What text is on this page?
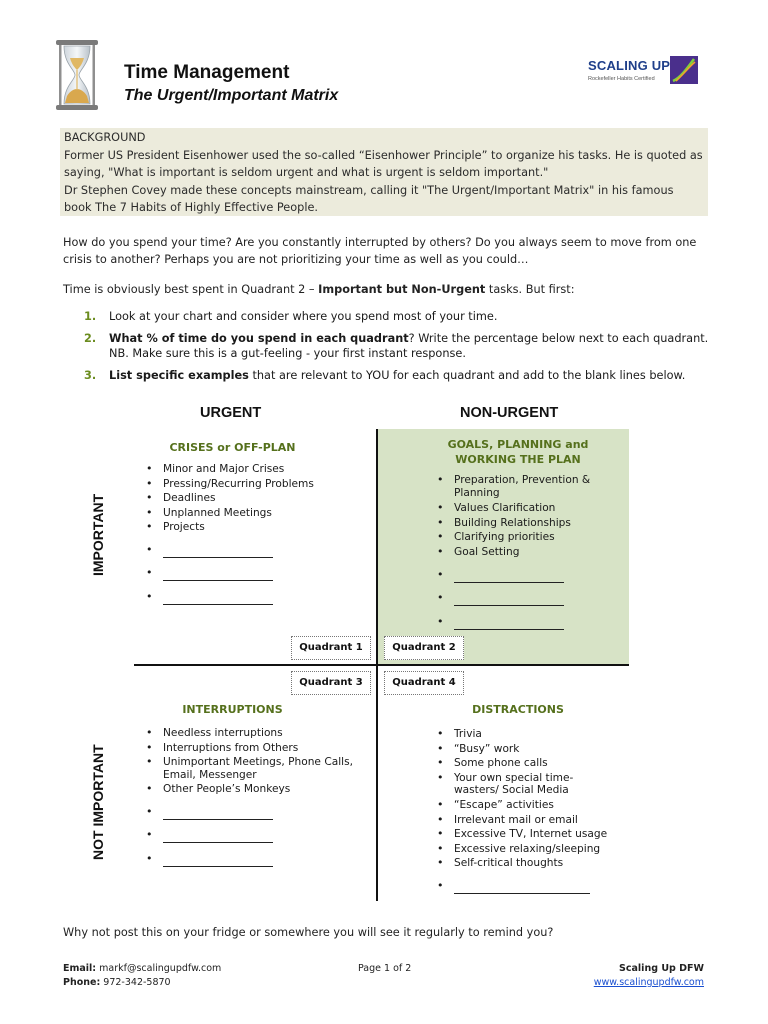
Time Management
The Urgent/Important Matrix
SCALING UP
Rockefeller Habits Certified

BACKGROUND

Former US President Eisenhower used the so-called “Eisenhower Principle” to organize his tasks. He is quoted as saying, "What is important is seldom urgent and what is urgent is seldom important."

Dr Stephen Covey made these concepts mainstream, calling it "The Urgent/Important Matrix" in his famous book The 7 Habits of Highly Effective People.

How do you spend your time? Are you constantly interrupted by others? Do you always seem to move from one crisis to another? Perhaps you are not prioritizing your time as well as you could…
Time is obviously best spent in Quadrant 2 – Important but Non-Urgent tasks. But first:
1. Look at your chart and consider where you spend most of your time.
2. What % of time do you spend in each quadrant? Write the percentage below next to each quadrant.
NB. Make sure this is a gut-feeling - your first instant response.
3. List specific examples that are relevant to YOU for each quadrant and add to the blank lines below.
URGENT	NON-URGENT
IMPORTANT
NOT IMPORTANT
CRISES or OFF-PLAN
• Minor and Major Crises
• Pressing/Recurring Problems
• Deadlines
• Unplanned Meetings
• Projects
•
•
•
GOALS, PLANNING and WORKING THE PLAN
• Preparation, Prevention & Planning
• Values Clarification
• Building Relationships
• Clarifying priorities
• Goal Setting
•
•
•
Quadrant 1	Quadrant 2
Quadrant 3	Quadrant 4
INTERRUPTIONS
• Needless interruptions
• Interruptions from Others
• Unimportant Meetings, Phone Calls, Email, Messenger
• Other People’s Monkeys
•
•
•
DISTRACTIONS
• Trivia
• “Busy” work
• Some phone calls
• Your own special time-wasters/ Social Media
• “Escape” activities
• Irrelevant mail or email
• Excessive TV, Internet usage
• Excessive relaxing/sleeping
• Self-critical thoughts
•
Why not post this on your fridge or somewhere you will see it regularly to remind you?
Email: markf@scalingupdfw.com
Phone: 972-342-5870
Page 1 of 2	Scaling Up DFW
www.scalingupdfw.com
